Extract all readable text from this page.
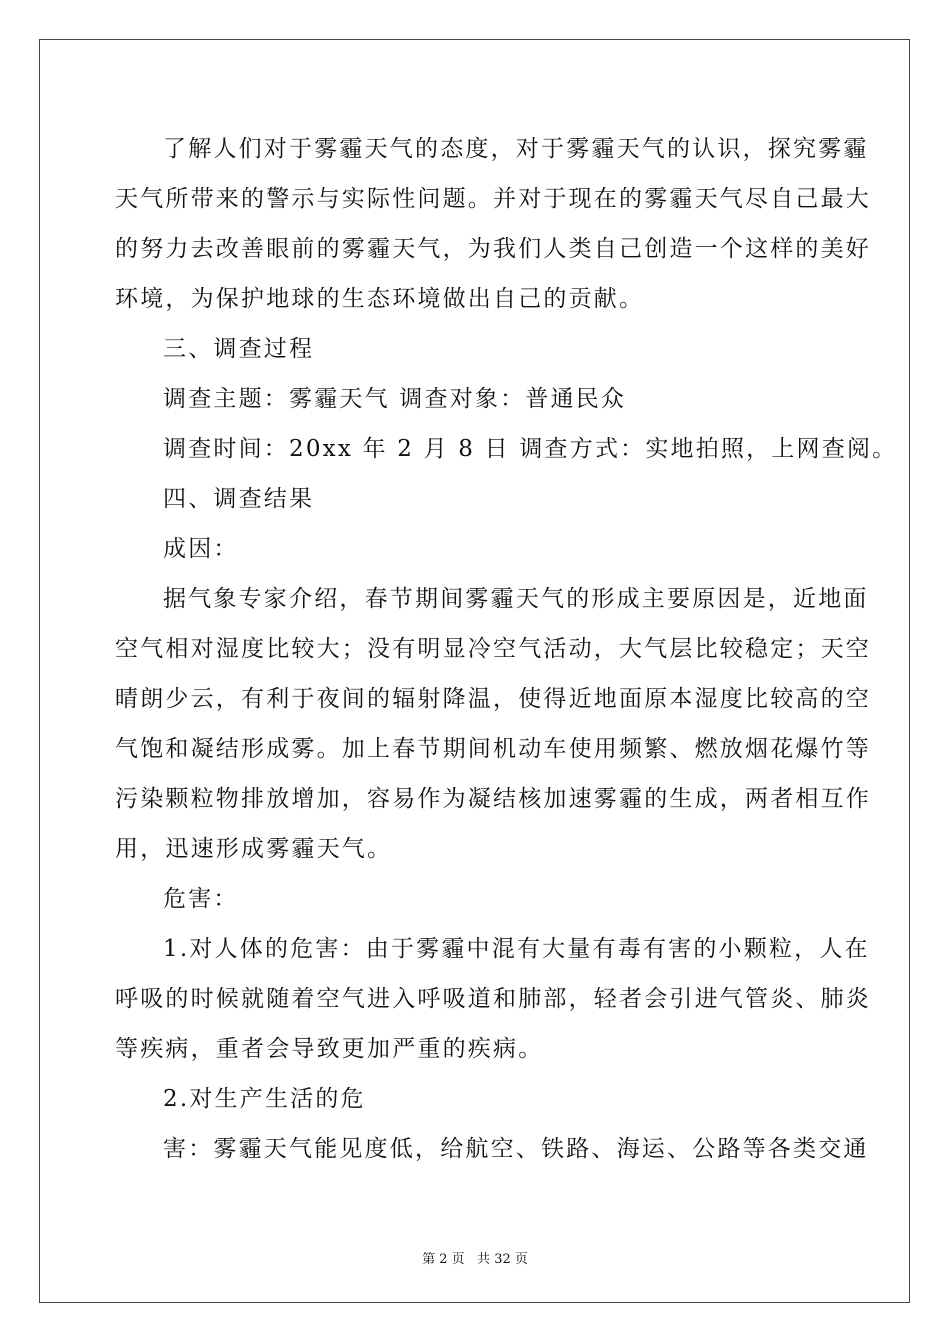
了解人们对于雾霾天气的态度，对于雾霾天气的认识，探究雾霾
天气所带来的警示与实际性问题。并对于现在的雾霾天气尽自己最大
的努力去改善眼前的雾霾天气，为我们人类自己创造一个这样的美好
环境，为保护地球的生态环境做出自己的贡献。
三、调查过程
调查主题：雾霾天气 调查对象：普通民众
调查时间：20xx 年 2 月 8 日 调查方式：实地拍照，上网查阅。
四、调查结果
成因：
据气象专家介绍，春节期间雾霾天气的形成主要原因是，近地面
空气相对湿度比较大；没有明显冷空气活动，大气层比较稳定；天空
晴朗少云，有利于夜间的辐射降温，使得近地面原本湿度比较高的空
气饱和凝结形成雾。加上春节期间机动车使用频繁、燃放烟花爆竹等
污染颗粒物排放增加，容易作为凝结核加速雾霾的生成，两者相互作
用，迅速形成雾霾天气。
危害：
1.对人体的危害：由于雾霾中混有大量有毒有害的小颗粒，人在
呼吸的时候就随着空气进入呼吸道和肺部，轻者会引进气管炎、肺炎
等疾病，重者会导致更加严重的疾病。
2.对生产生活的危
害：雾霾天气能见度低，给航空、铁路、海运、公路等各类交通
第 2 页   共 32 页
